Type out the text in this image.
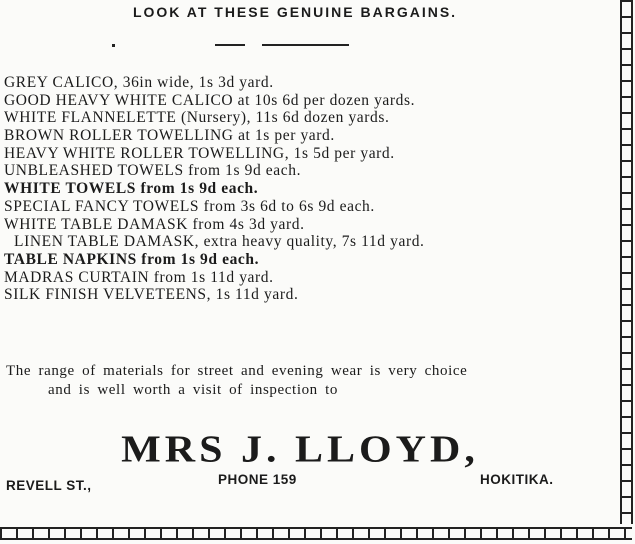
LOOK AT THESE GENUINE BARGAINS.
GREY CALICO, 36in wide, 1s 3d yard.
GOOD HEAVY WHITE CALICO at 10s 6d per dozen yards.
WHITE FLANNELETTE (Nursery), 11s 6d dozen yards.
BROWN ROLLER TOWELLING at 1s per yard.
HEAVY WHITE ROLLER TOWELLING, 1s 5d per yard.
UNBLEASHED TOWELS from 1s 9d each.
WHITE TOWELS from 1s 9d each.
SPECIAL FANCY TOWELS from 3s 6d to 6s 9d each.
WHITE TABLE DAMASK from 4s 3d yard.
LINEN TABLE DAMASK, extra heavy quality, 7s 11d yard.
TABLE NAPKINS from 1s 9d each.
MADRAS CURTAIN from 1s 11d yard.
SILK FINISH VELVETEENS, 1s 11d yard.
The range of materials for street and evening wear is very choice
and is well worth a visit of inspection to
MRS J. LLOYD,
REVELL ST.,	PHONE 159	HOKITIKA.
